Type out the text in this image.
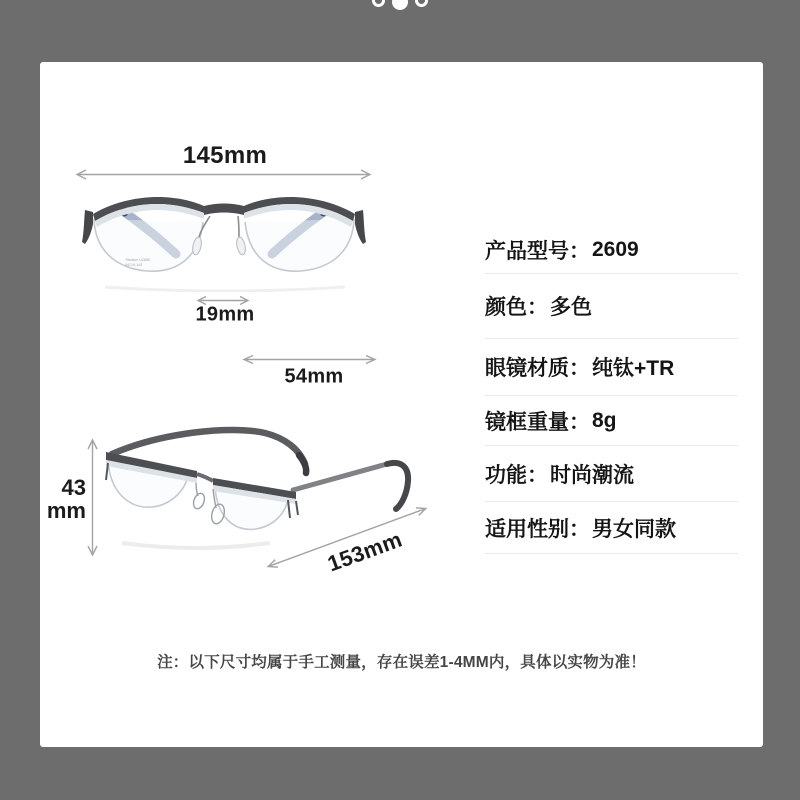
145mm
Titanium U2658
54□19-143
19mm
54mm
43
mm
153mm
产品型号 ： 2609
颜色 ： 多色
眼镜材质 ： 纯钛+TR
镜框重量 ： 8g
功能 ： 时尚潮流
适用性别 ： 男女同款
注：以下尺寸均属于手工测量，存在误差1-4MM内，具体以实物为准！
